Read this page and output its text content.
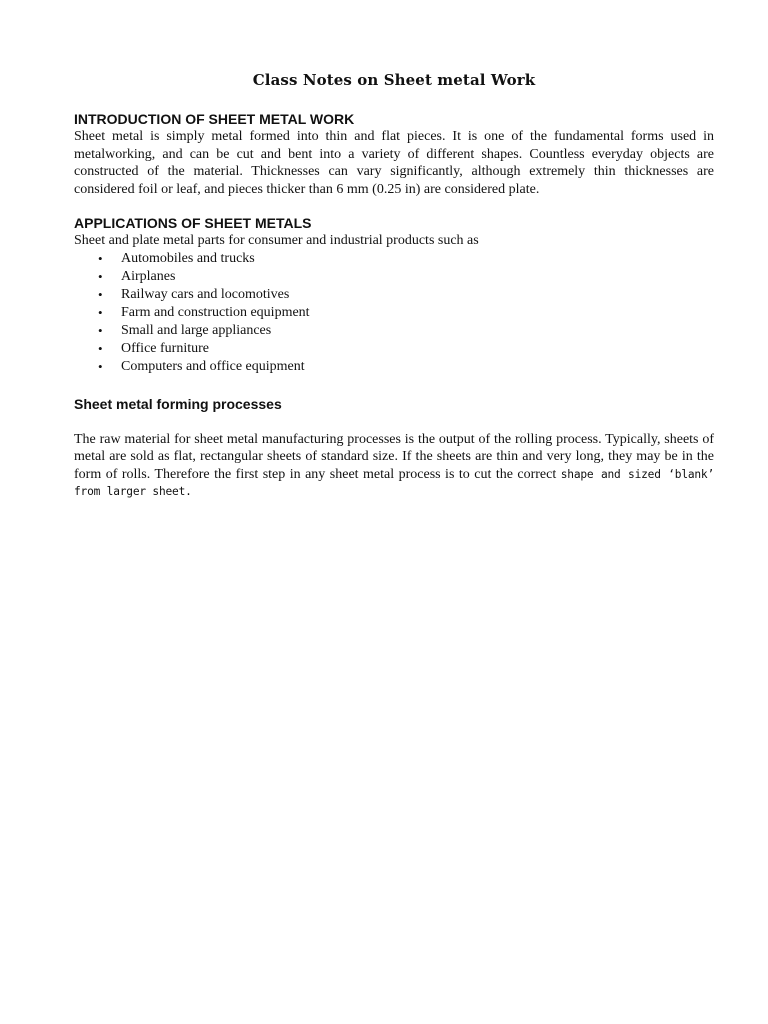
Class Notes on Sheet metal Work
INTRODUCTION OF SHEET METAL WORK

Sheet metal is simply metal formed into thin and flat pieces. It is one of the fundamental forms used in metalworking, and can be cut and bent into a variety of different shapes. Countless everyday objects are constructed of the material. Thicknesses can vary significantly, although extremely thin thicknesses are considered foil or leaf, and pieces thicker than 6 mm (0.25 in) are considered plate.

APPLICATIONS OF SHEET METALS

Sheet and plate metal parts for consumer and industrial products such as

• Automobiles and trucks
• Airplanes
• Railway cars and locomotives
• Farm and construction equipment
• Small and large appliances
• Office furniture
• Computers and office equipment
Sheet metal forming processes

The raw material for sheet metal manufacturing processes is the output of the rolling process. Typically, sheets of metal are sold as flat, rectangular sheets of standard size. If the sheets are thin and very long, they may be in the form of rolls. Therefore the first step in any sheet metal process is to cut the correct shape and sized ‘blank’ from larger sheet.
